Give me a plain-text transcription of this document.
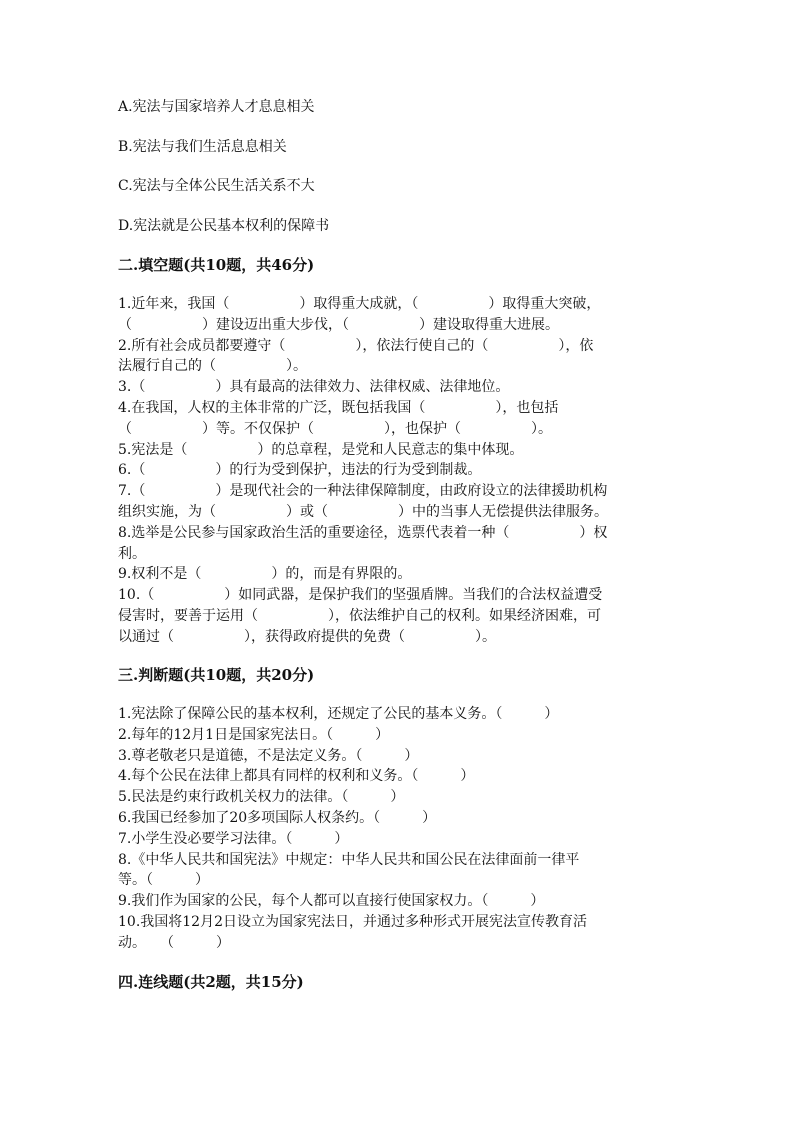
A.宪法与国家培养人才息息相关
B.宪法与我们生活息息相关
C.宪法与全体公民生活关系不大
D.宪法就是公民基本权利的保障书
二.填空题(共10题，共46分)
1.近年来，我国（　　　　　）取得重大成就，（　　　　　）取得重大突破，
（　　　　　）建设迈出重大步伐，（　　　　　）建设取得重大进展。
2.所有社会成员都要遵守（　　　　　），依法行使自己的（　　　　　），依
法履行自己的（　　　　　）。
3.（　　　　　）具有最高的法律效力、法律权威、法律地位。
4.在我国，人权的主体非常的广泛，既包括我国（　　　　　），也包括
（　　　　　）等。不仅保护（　　　　　），也保护（　　　　　）。
5.宪法是（　　　　　）的总章程，是党和人民意志的集中体现。
6.（　　　　　）的行为受到保护，违法的行为受到制裁。
7.（　　　　　）是现代社会的一种法律保障制度，由政府设立的法律援助机构
组织实施，为（　　　　　）或（　　　　　）中的当事人无偿提供法律服务。
8.选举是公民参与国家政治生活的重要途径，选票代表着一种（　　　　　）权
利。
9.权利不是（　　　　　）的，而是有界限的。
10.（　　　　　）如同武器，是保护我们的坚强盾牌。当我们的合法权益遭受
侵害时，要善于运用（　　　　　），依法维护自己的权利。如果经济困难，可
以通过（　　　　　），获得政府提供的免费（　　　　　）。
三.判断题(共10题，共20分)
1.宪法除了保障公民的基本权利，还规定了公民的基本义务。（　　　）
2.每年的12月1日是国家宪法日。（　　　）
3.尊老敬老只是道德，不是法定义务。（　　　）
4.每个公民在法律上都具有同样的权利和义务。（　　　）
5.民法是约束行政机关权力的法律。（　　　）
6.我国已经参加了20多项国际人权条约。（　　　）
7.小学生没必要学习法律。（　　　）
8.《中华人民共和国宪法》中规定：中华人民共和国公民在法律面前一律平
等。（　　　）
9.我们作为国家的公民，每个人都可以直接行使国家权力。（　　　）
10.我国将12月2日设立为国家宪法日，并通过多种形式开展宪法宣传教育活
动。　　（　　　）
四.连线题(共2题，共15分)
